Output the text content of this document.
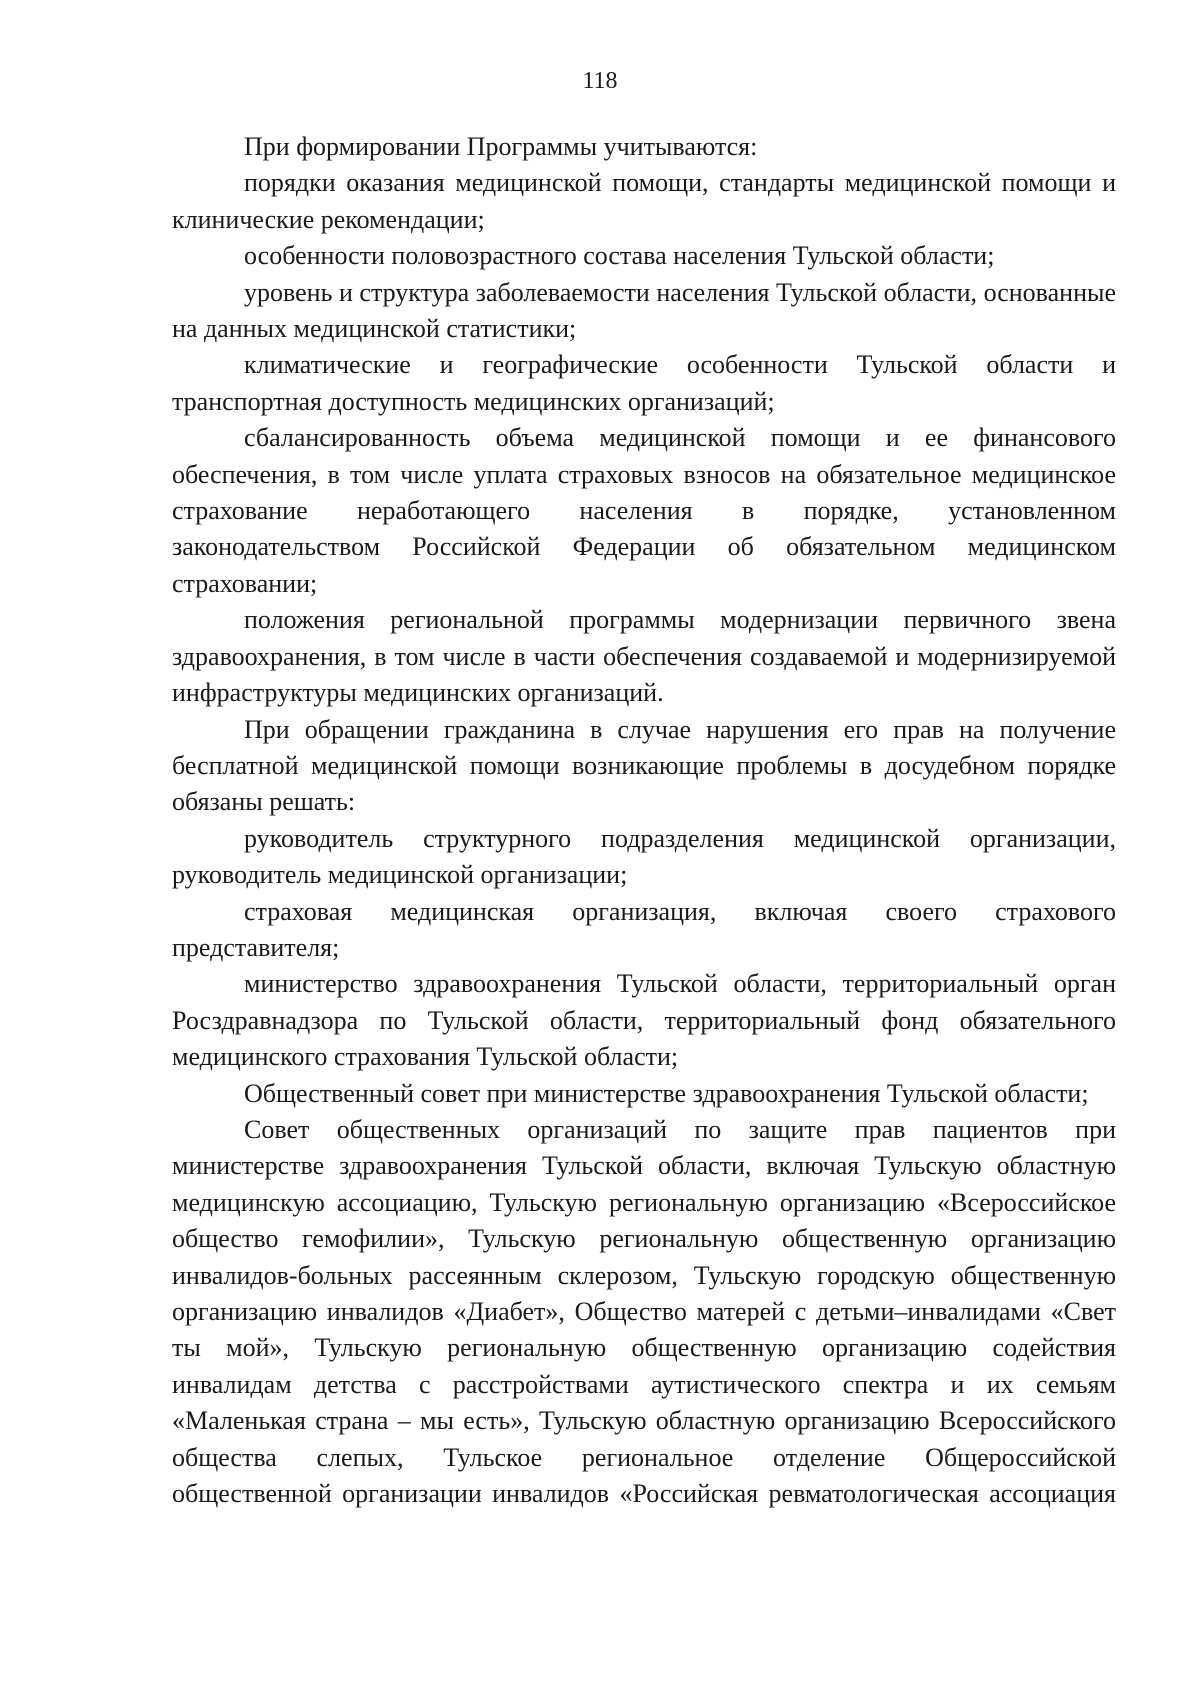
118

При формировании Программы учитываются:

порядки оказания медицинской помощи, стандарты медицинской помощи и клинические рекомендации;

особенности половозрастного состава населения Тульской области;

уровень и структура заболеваемости населения Тульской области, основанные на данных медицинской статистики;

климатические и географические особенности Тульской области и транспортная доступность медицинских организаций;

сбалансированность объема медицинской помощи и ее финансового обеспечения, в том числе уплата страховых взносов на обязательное медицинское страхование неработающего населения в порядке, установленном законодательством Российской Федерации об обязательном медицинском страховании;

положения региональной программы модернизации первичного звена здравоохранения, в том числе в части обеспечения создаваемой и модернизируемой инфраструктуры медицинских организаций.

При обращении гражданина в случае нарушения его прав на получение бесплатной медицинской помощи возникающие проблемы в досудебном порядке обязаны решать:

руководитель структурного подразделения медицинской организации, руководитель медицинской организации;

страховая медицинская организация, включая своего страхового представителя;

министерство здравоохранения Тульской области, территориальный орган Росздравнадзора по Тульской области, территориальный фонд обязательного медицинского страхования Тульской области;

Общественный совет при министерстве здравоохранения Тульской области;

Совет общественных организаций по защите прав пациентов при министерстве здравоохранения Тульской области, включая Тульскую областную медицинскую ассоциацию, Тульскую региональную организацию «Всероссийское общество гемофилии», Тульскую региональную общественную организацию инвалидов-больных рассеянным склерозом, Тульскую городскую общественную организацию инвалидов «Диабет», Общество матерей с детьми–инвалидами «Свет ты мой», Тульскую региональную общественную организацию содействия инвалидам детства с расстройствами аутистического спектра и их семьям «Маленькая страна – мы есть», Тульскую областную организацию Всероссийского общества слепых, Тульское региональное отделение Общероссийской общественной организации инвалидов «Российская ревматологическая ассоциация
